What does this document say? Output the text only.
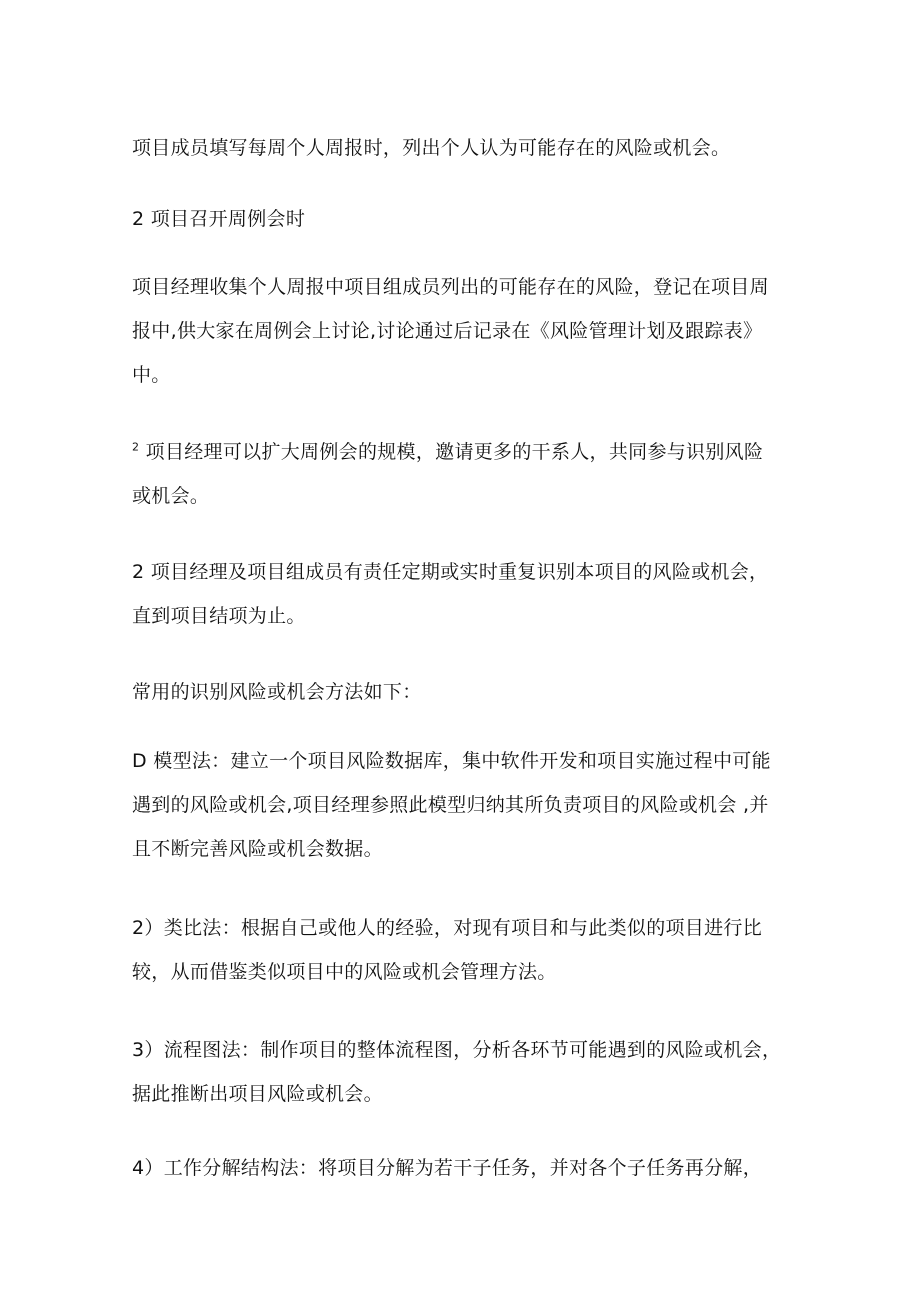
项目成员填写每周个人周报时，列出个人认为可能存在的风险或机会。

2 项目召开周例会时

项目经理收集个人周报中项目组成员列出的可能存在的风险，登记在项目周
报中,供大家在周例会上讨论,讨论通过后记录在《风险管理计划及跟踪表》
中。

$^2$ 项目经理可以扩大周例会的规模，邀请更多的干系人，共同参与识别风险
或机会。

2 项目经理及项目组成员有责任定期或实时重复识别本项目的风险或机会，
直到项目结项为止。

常用的识别风险或机会方法如下：

D 模型法：建立一个项目风险数据库，集中软件开发和项目实施过程中可能
遇到的风险或机会,项目经理参照此模型归纳其所负责项目的风险或机会 ,并
且不断完善风险或机会数据。

2）类比法：根据自己或他人的经验，对现有项目和与此类似的项目进行比
较，从而借鉴类似项目中的风险或机会管理方法。

3）流程图法：制作项目的整体流程图，分析各环节可能遇到的风险或机会，
据此推断出项目风险或机会。

4）工作分解结构法：将项目分解为若干子任务，并对各个子任务再分解，
